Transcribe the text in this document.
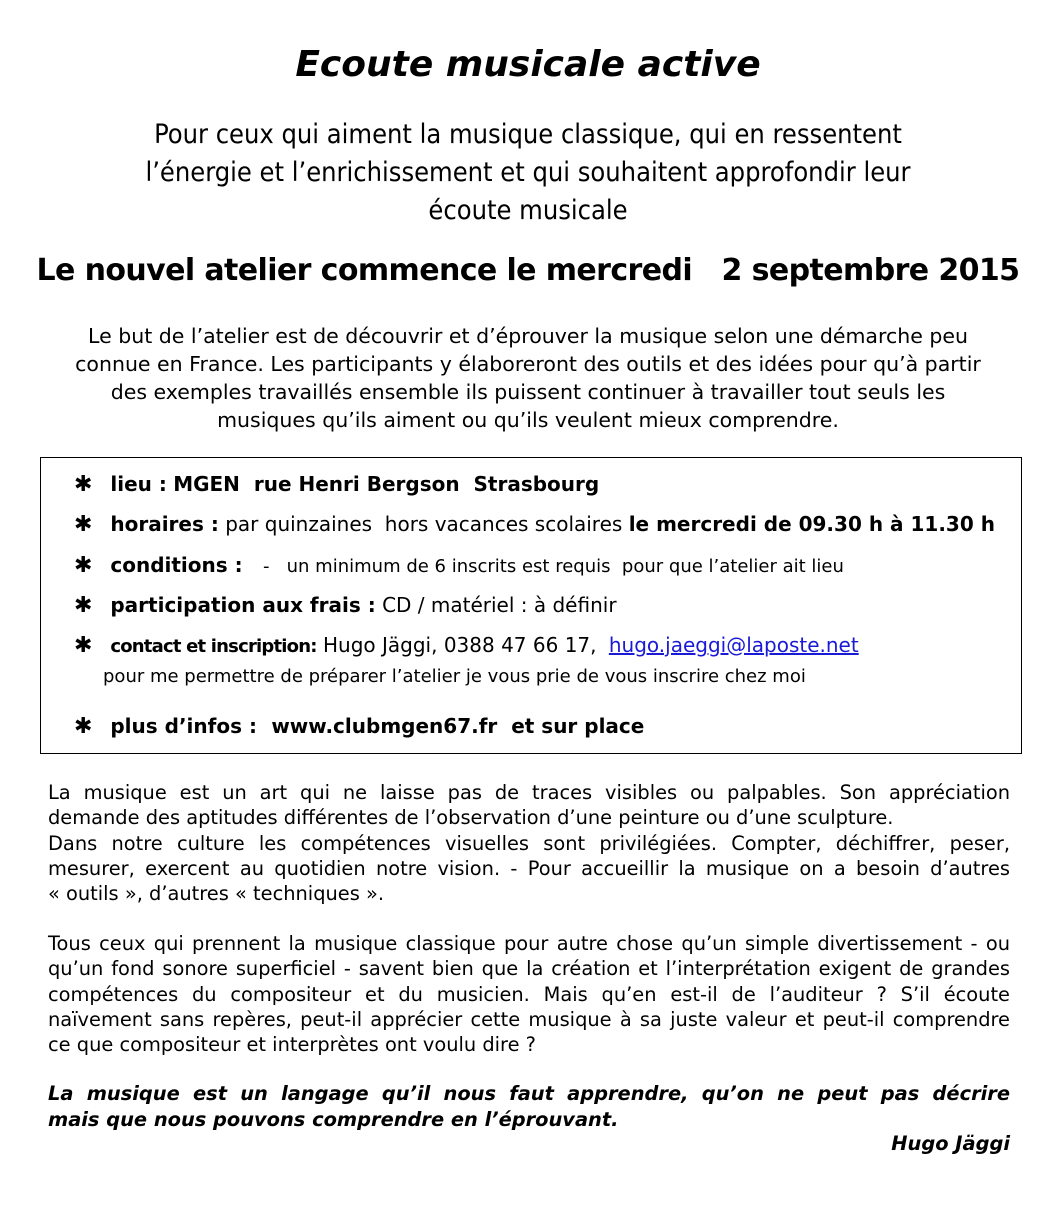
Ecoute musicale active
Pour ceux qui aiment la musique classique, qui en ressentent
l’énergie et l’enrichissement et qui souhaitent approfondir leur
écoute musicale
Le nouvel atelier commence le mercredi   2 septembre 2015
Le but de l’atelier est de découvrir et d’éprouver la musique selon une démarche peu
connue en France. Les participants y élaboreront des outils et des idées pour qu’à partir
des exemples travaillés ensemble ils puissent continuer à travailler tout seuls les
musiques qu’ils aiment ou qu’ils veulent mieux comprendre.
✱ lieu : MGEN  rue Henri Bergson  Strasbourg
✱ horaires : par quinzaines  hors vacances scolaires le mercredi de 09.30 h à 11.30 h
✱ conditions : -   un minimum de 6 inscrits est requis  pour que l’atelier ait lieu
✱ participation aux frais : CD / matériel : à définir
✱ contact et inscription: Hugo Jäggi, 0388 47 66 17, hugo.jaeggi@laposte.net
pour me permettre de préparer l’atelier je vous prie de vous inscrire chez moi
✱ plus d’infos : www.clubmgen67.fr  et sur place
La musique est un art qui ne laisse pas de traces visibles ou palpables. Son appréciation
demande des aptitudes différentes de l’observation d’une peinture ou d’une sculpture.
Dans notre culture les compétences visuelles sont privilégiées. Compter, déchiffrer, peser,
mesurer, exercent au quotidien notre vision. - Pour accueillir la musique on a besoin d’autres
« outils », d’autres « techniques ».
Tous ceux qui prennent la musique classique pour autre chose qu’un simple divertissement - ou
qu’un fond sonore superficiel - savent bien que la création et l’interprétation exigent de grandes
compétences du compositeur et du musicien. Mais qu’en est-il de l’auditeur ? S’il écoute
naïvement sans repères, peut-il apprécier cette musique à sa juste valeur et peut-il comprendre
ce que compositeur et interprètes ont voulu dire ?
La musique est un langage qu’il nous faut apprendre, qu’on ne peut pas décrire
mais que nous pouvons comprendre en l’éprouvant.
Hugo Jäggi
